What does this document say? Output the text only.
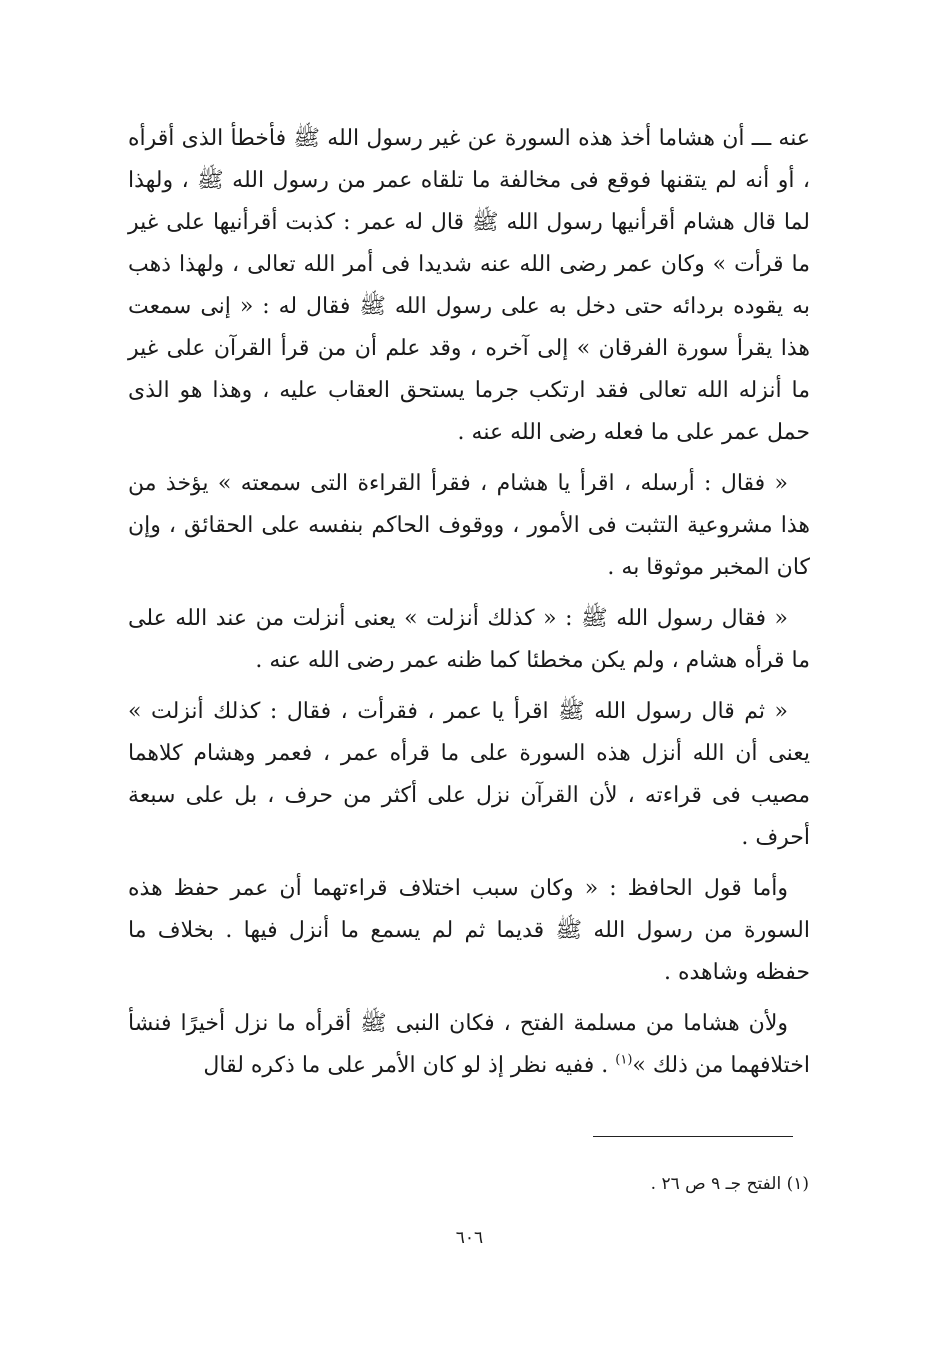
عنه ـــ أن هشاما أخذ هذه السورة عن غير رسول الله ﷺ فأخطأ الذى أقرأه ، أو أنه لم يتقنها فوقع فى مخالفة ما تلقاه عمر من رسول الله ﷺ ، ولهذا لما قال هشام أقرأنيها رسول الله ﷺ قال له عمر : كذبت أقرأنيها على غير ما قرأت » وكان عمر رضى الله عنه شديدا فى أمر الله تعالى ، ولهذا ذهب به يقوده بردائه حتى دخل به على رسول الله ﷺ فقال له : « إنى سمعت هذا يقرأ سورة الفرقان » إلى آخره ، وقد علم أن من قرأ القرآن على غير ما أنزله الله تعالى فقد ارتكب جرما يستحق العقاب عليه ، وهذا هو الذى حمل عمر على ما فعله رضى الله عنه .

« فقال : أرسله ، اقرأ يا هشام ، فقرأ القراءة التى سمعته » يؤخذ من هذا مشروعية التثبت فى الأمور ، ووقوف الحاكم بنفسه على الحقائق ، وإن كان المخبر موثوقا به .

« فقال رسول الله ﷺ : « كذلك أنزلت » يعنى أنزلت من عند الله على ما قرأه هشام ، ولم يكن مخطئا كما ظنه عمر رضى الله عنه .

« ثم قال رسول الله ﷺ اقرأ يا عمر ، فقرأت ، فقال : كذلك أنزلت » يعنى أن الله أنزل هذه السورة على ما قرأه عمر ، فعمر وهشام كلاهما مصيب فى قراءته ، لأن القرآن نزل على أكثر من حرف ، بل على سبعة أحرف .

وأما قول الحافظ : « وكان سبب اختلاف قراءتهما أن عمر حفظ هذه السورة من رسول الله ﷺ قديما ثم لم يسمع ما أنزل فيها . بخلاف ما حفظه وشاهده .

ولأن هشاما من مسلمة الفتح ، فكان النبى ﷺ أقرأه ما نزل أخيرًا فنشأ اختلافهما من ذلك »$^{(١)}$ . ففيه نظر إذ لو كان الأمر على ما ذكره لقال

(١) الفتح جـ ٩ ص ٢٦ .
٦٠٦
